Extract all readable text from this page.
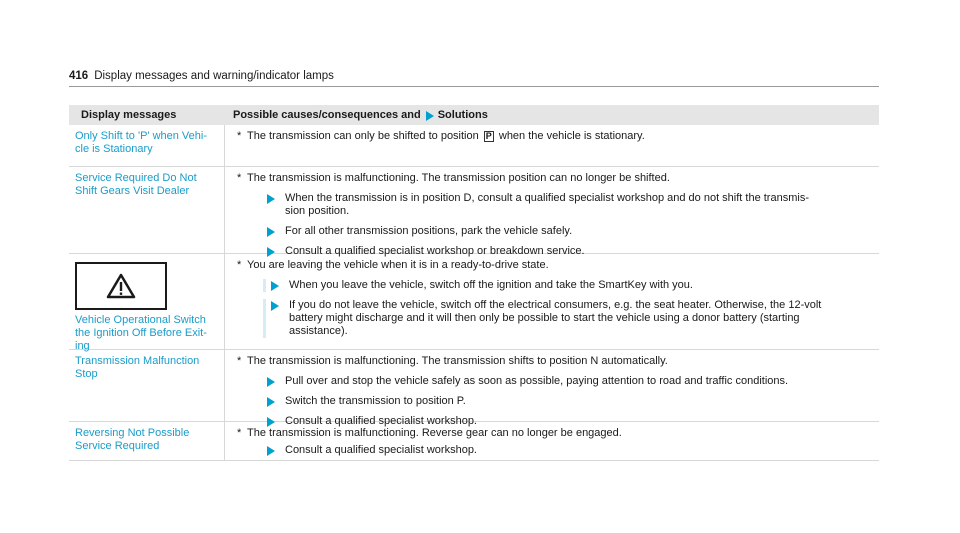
416 Display messages and warning/indicator lamps
Display messages	Possible causes/consequences and Solutions
Only Shift to 'P' when Vehi-
cle is Stationary
* The transmission can only be shifted to position P when the vehicle is stationary.
Service Required Do Not
Shift Gears Visit Dealer
* The transmission is malfunctioning. The transmission position can no longer be shifted.
When the transmission is in position D, consult a qualified specialist workshop and do not shift the transmis-
sion position.
For all other transmission positions, park the vehicle safely.
Consult a qualified specialist workshop or breakdown service.
Vehicle Operational Switch
the Ignition Off Before Exit-
ing
* You are leaving the vehicle when it is in a ready-to-drive state.
When you leave the vehicle, switch off the ignition and take the SmartKey with you.
If you do not leave the vehicle, switch off the electrical consumers, e.g. the seat heater. Otherwise, the 12-volt
battery might discharge and it will then only be possible to start the vehicle using a donor battery (starting
assistance).
Transmission Malfunction
Stop
* The transmission is malfunctioning. The transmission shifts to position N automatically.
Pull over and stop the vehicle safely as soon as possible, paying attention to road and traffic conditions.
Switch the transmission to position P.
Consult a qualified specialist workshop.
Reversing Not Possible
Service Required
* The transmission is malfunctioning. Reverse gear can no longer be engaged.
Consult a qualified specialist workshop.
